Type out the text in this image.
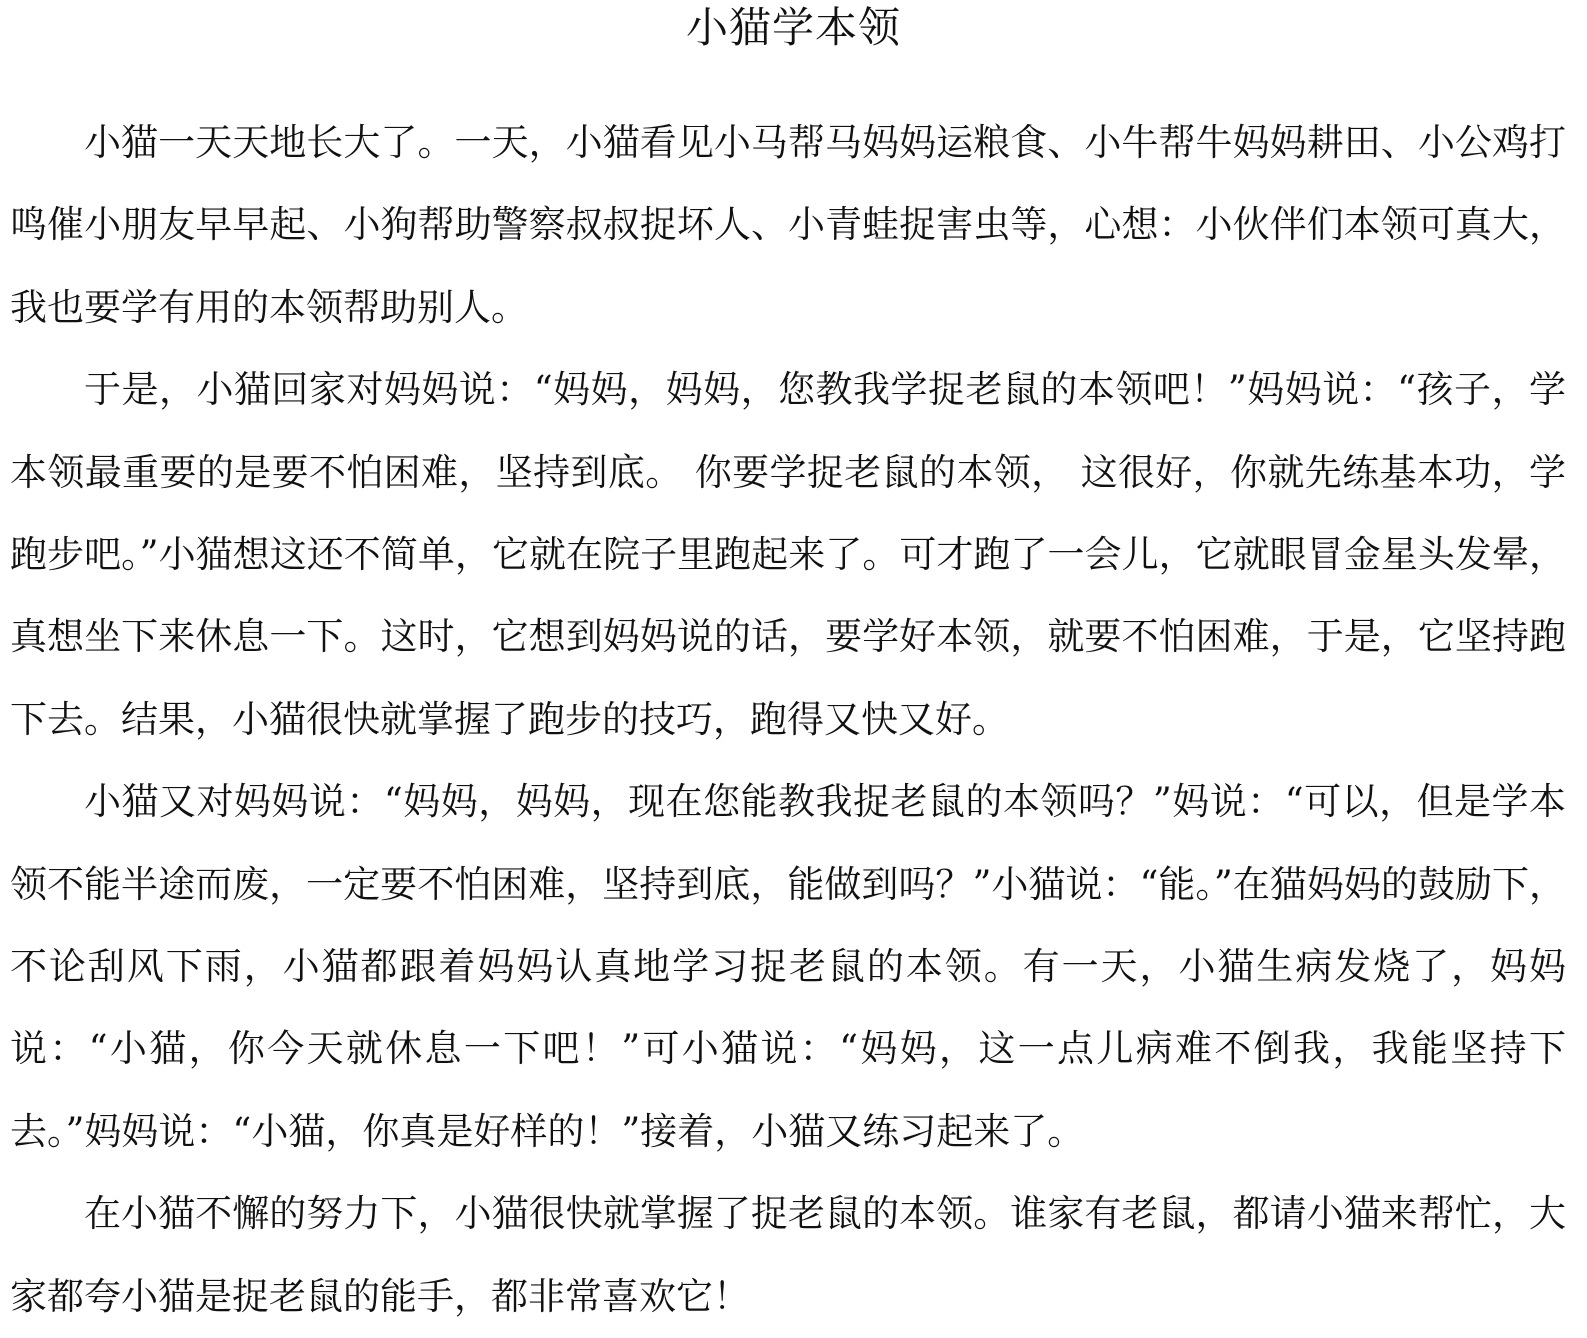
小猫学本领

小猫一天天地长大了。一天，小猫看见小马帮马妈妈运粮食、小牛帮牛妈妈耕田、小公鸡打鸣催小朋友早早起、小狗帮助警察叔叔捉坏人、小青蛙捉害虫等，心想：小伙伴们本领可真大，我也要学有用的本领帮助别人。

于是，小猫回家对妈妈说：“妈妈，妈妈，您教我学捉老鼠的本领吧！”妈妈说：“孩子，学本领最重要的是要不怕困难，坚持到底。 你要学捉老鼠的本领， 这很好，你就先练基本功，学跑步吧。”小猫想这还不简单，它就在院子里跑起来了。可才跑了一会儿，它就眼冒金星头发晕，真想坐下来休息一下。这时，它想到妈妈说的话，要学好本领，就要不怕困难，于是，它坚持跑下去。结果，小猫很快就掌握了跑步的技巧，跑得又快又好。

小猫又对妈妈说：“妈妈，妈妈，现在您能教我捉老鼠的本领吗？”妈说：“可以，但是学本领不能半途而废，一定要不怕困难，坚持到底，能做到吗？”小猫说：“能。”在猫妈妈的鼓励下，不论刮风下雨，小猫都跟着妈妈认真地学习捉老鼠的本领。有一天，小猫生病发烧了，妈妈说：“小猫，你今天就休息一下吧！”可小猫说：“妈妈，这一点儿病难不倒我，我能坚持下去。”妈妈说：“小猫，你真是好样的！”接着，小猫又练习起来了。

在小猫不懈的努力下，小猫很快就掌握了捉老鼠的本领。谁家有老鼠，都请小猫来帮忙，大家都夸小猫是捉老鼠的能手，都非常喜欢它！
